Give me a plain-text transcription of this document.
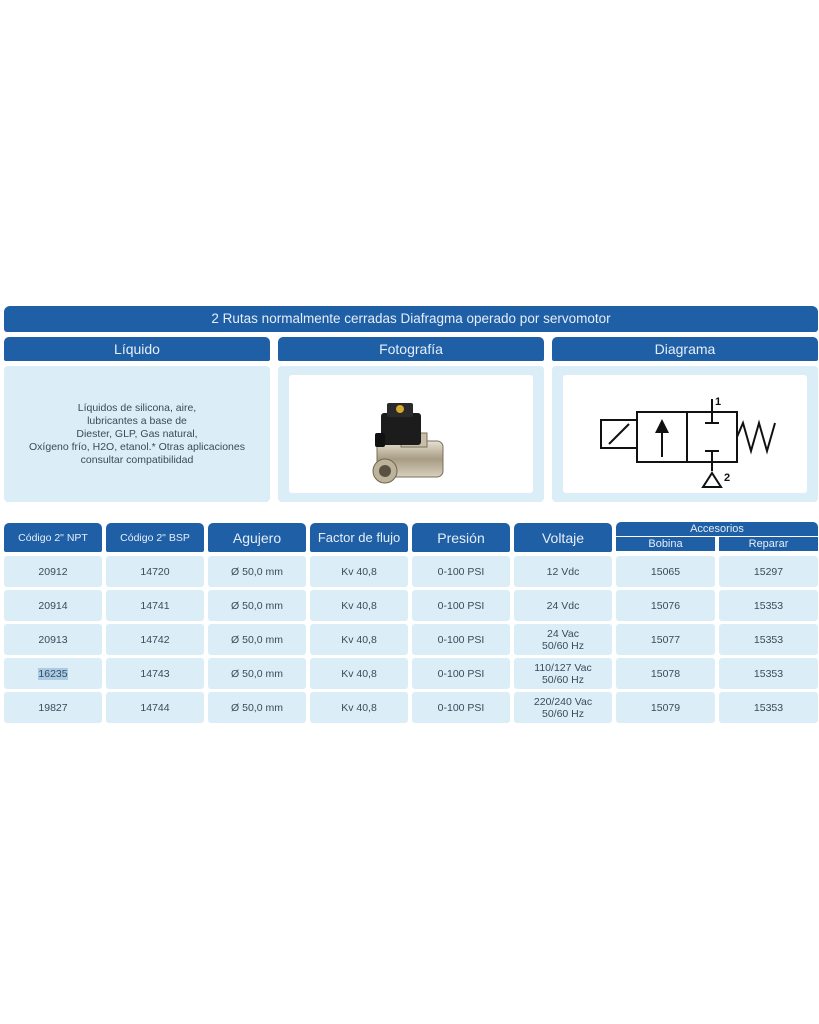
2 Rutas normalmente cerradas Diafragma operado por servomotor
Líquido	Fotografía	Diagrama
Líquidos de silicona, aire,
lubricantes a base de
Diester, GLP, Gas natural,
Oxígeno frío, H2O, etanol.* Otras aplicaciones
consultar compatibilidad
1
2
Código 2" NPT	Código 2" BSP	Agujero	Factor de flujo	Presión	Voltaje
Accesorios
Bobina	Reparar
20912	14720	Ø 50,0 mm	Kv 40,8	0-100 PSI	12 Vdc	15065	15297
20914	14741	Ø 50,0 mm	Kv 40,8	0-100 PSI	24 Vdc	15076	15353
20913	14742	Ø 50,0 mm	Kv 40,8	0-100 PSI	24 Vac
50/60 Hz	15077	15353
16235	14743	Ø 50,0 mm	Kv 40,8	0-100 PSI	110/127 Vac
50/60 Hz	15078	15353
19827	14744	Ø 50,0 mm	Kv 40,8	0-100 PSI	220/240 Vac
50/60 Hz	15079	15353
